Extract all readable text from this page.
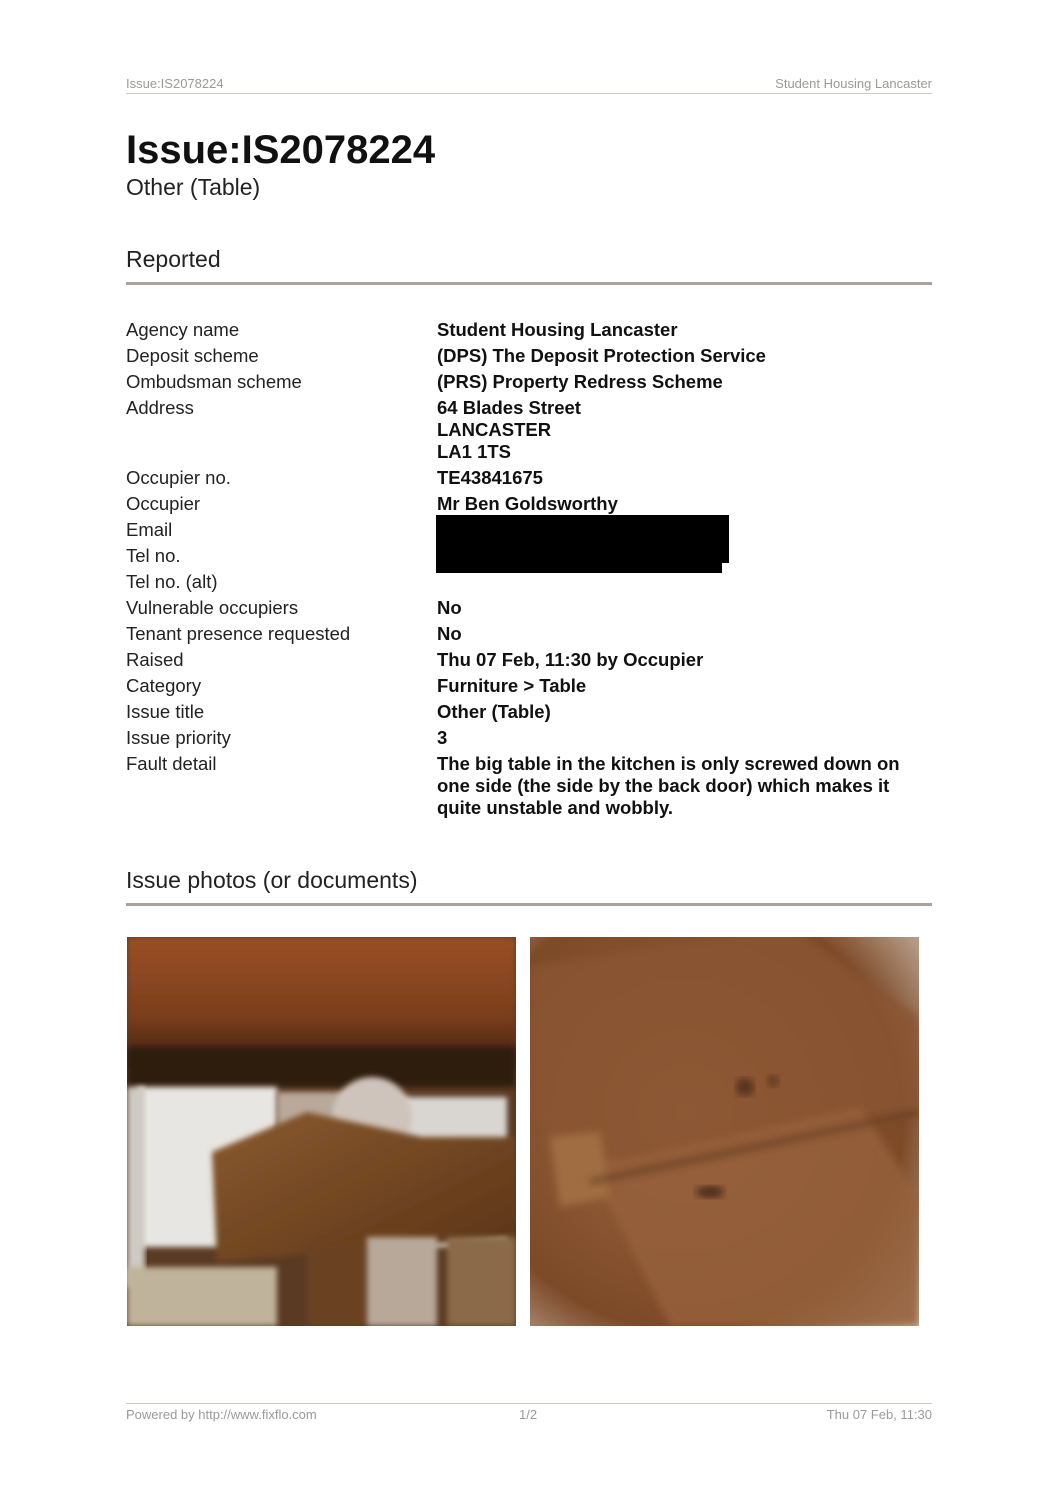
Issue:IS2078224	Student Housing Lancaster
Issue:IS2078224
Other (Table)
Reported
Agency name	Student Housing Lancaster
Deposit scheme	(DPS) The Deposit Protection Service
Ombudsman scheme	(PRS) Property Redress Scheme
Address	64 Blades Street
LANCASTER
LA1 1TS

Occupier no.	TE43841675
Occupier	Mr Ben Goldsworthy
Email	
Tel no.	
Tel no. (alt)	
Vulnerable occupiers	No
Tenant presence requested	No
Raised	Thu 07 Feb, 11:30 by Occupier
Category	Furniture > Table
Issue title	Other (Table)
Issue priority	3
Fault detail	The big table in the kitchen is only screwed down on one side (the side by the back door) which makes it quite unstable and wobbly.
Issue photos (or documents)
Powered by http://www.fixflo.com	1/2	Thu 07 Feb, 11:30
